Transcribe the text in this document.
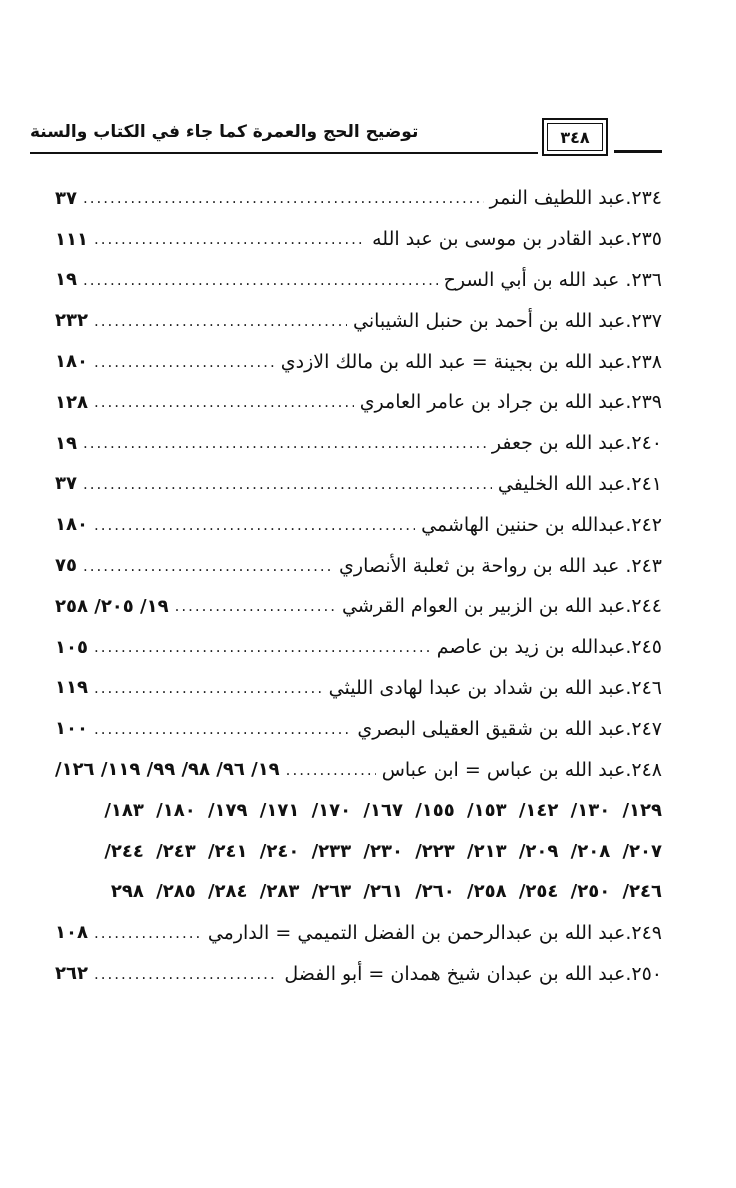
توضيح الحج والعمرة كما جاء في الكتاب والسنة	٣٤٨
٢٣٤.عبد اللطيف النمر
.....
٣٧
٢٣٥.عبد القادر بن موسى بن عبد الله
.....
١١١
٢٣٦. عبد الله بن أبي السرح
.....
١٩
٢٣٧.عبد الله بن أحمد بن حنبل الشيباني
.....
٢٣٢
٢٣٨.عبد الله بن بجينة = عبد الله بن مالك الازدي
.....
١٨٠
٢٣٩.عبد الله بن جراد بن عامر العامري
.....
١٢٨
٢٤٠.عبد الله بن جعفر
.....
١٩
٢٤١.عبد الله الخليفي
.....
٣٧
٢٤٢.عبدالله بن حننين الهاشمي
.....
١٨٠
٢٤٣. عبد الله بن رواحة بن ثعلبة الأنصاري
.....
٧٥
٢٤٤.عبد الله بن الزبير بن العوام القرشي
.....
١٩/ ٢٠٥/ ٢٥٨
٢٤٥.عبدالله بن زيد بن عاصم
.....
١٠٥
٢٤٦.عبد الله بن شداد بن عبدا لهادى الليثي
.....
١١٩
٢٤٧.عبد الله بن شقيق العقيلى البصري
.....
١٠٠
٢٤٨.عبد الله بن عباس = ابن عباس
.....
١٩/ ٩٦/ ٩٨/ ٩٩/ ١١٩/ ١٢٦/
١٢٩/ ١٣٠/ ١٤٢/ ١٥٣/ ١٥٥/ ١٦٧/ ١٧٠/ ١٧١/ ١٧٩/ ١٨٠/ ١٨٣/
٢٠٧/ ٢٠٨/ ٢٠٩/ ٢١٣/ ٢٢٣/ ٢٣٠/ ٢٣٣/ ٢٤٠/ ٢٤١/ ٢٤٣/ ٢٤٤/
٢٤٦/ ٢٥٠/ ٢٥٤/ ٢٥٨/ ٢٦٠/ ٢٦١/ ٢٦٣/ ٢٨٣/ ٢٨٤/ ٢٨٥/ ٢٩٨
٢٤٩.عبد الله بن عبدالرحمن بن الفضل التميمي = الدارمي
.....
١٠٨
٢٥٠.عبد الله بن عبدان شيخ همدان = أبو الفضل
.....
٢٦٢
